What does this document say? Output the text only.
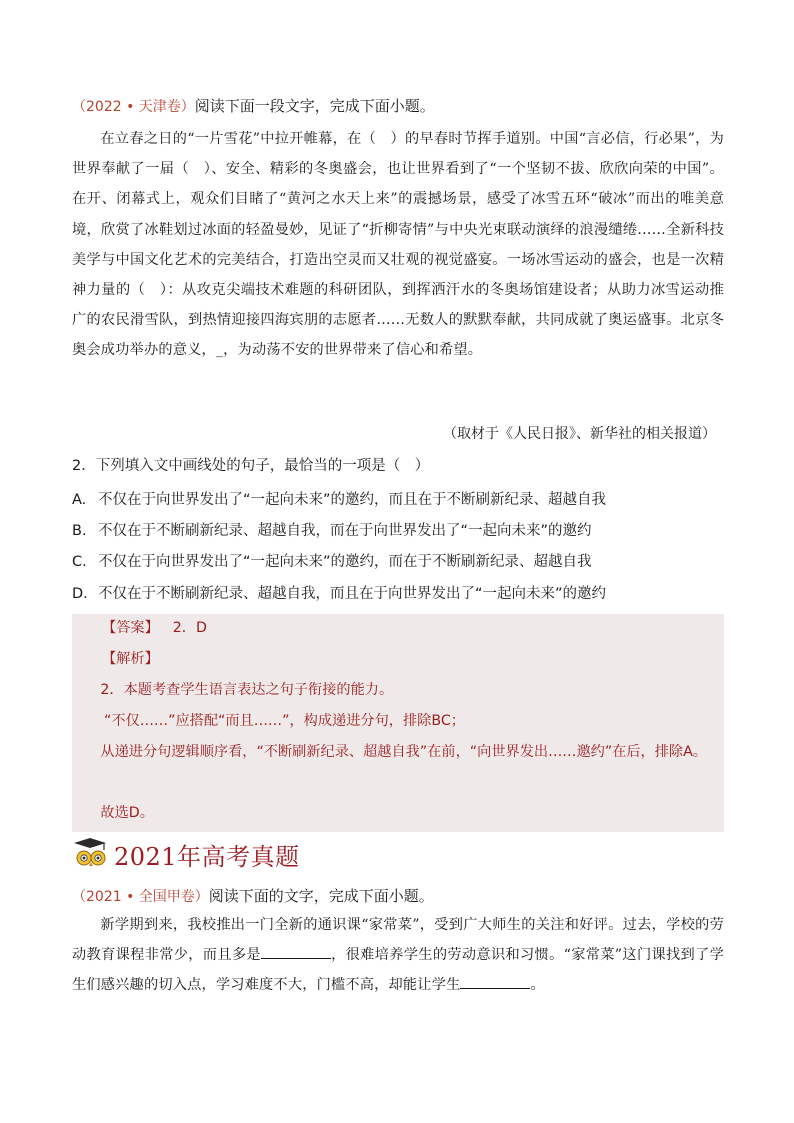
（2022 • 天津卷）阅读下面一段文字，完成下面小题。

在立春之日的“一片雪花”中拉开帷幕，在（　）的早春时节挥手道别。中国“言必信，行必果”，为世界奉献了一届（　）、安全、精彩的冬奥盛会，也让世界看到了“一个坚韧不拔、欣欣向荣的中国”。在开、闭幕式上，观众们目睹了“黄河之水天上来”的震撼场景，感受了冰雪五环“破冰”而出的唯美意境，欣赏了冰鞋划过冰面的轻盈曼妙，见证了“折柳寄情”与中央光束联动演绎的浪漫缱绻……全新科技美学与中国文化艺术的完美结合，打造出空灵而又壮观的视觉盛宴。一场冰雪运动的盛会，也是一次精神力量的（　）：从攻克尖端技术难题的科研团队，到挥洒汗水的冬奥场馆建设者；从助力冰雪运动推广的农民滑雪队，到热情迎接四海宾朋的志愿者……无数人的默默奉献，共同成就了奥运盛事。北京冬奥会成功举办的意义，_，为动荡不安的世界带来了信心和希望。

（取材于《人民日报》、新华社的相关报道）

2．下列填入文中画线处的句子，最恰当的一项是（　）

A. 不仅在于向世界发出了“一起向未来”的邀约，而且在于不断刷新纪录、超越自我

B. 不仅在于不断刷新纪录、超越自我，而在于向世界发出了“一起向未来”的邀约

C. 不仅在于向世界发出了“一起向未来”的邀约，而在于不断刷新纪录、超越自我

D. 不仅在于不断刷新纪录、超越自我，而且在于向世界发出了“一起向未来”的邀约

【答案】 2．D
【解析】
2．本题考查学生语言表达之句子衔接的能力。
“不仅……”应搭配“而且……”，构成递进分句，排除BC；
从递进分句逻辑顺序看，“不断刷新纪录、超越自我”在前，“向世界发出……邀约”在后，排除A。
故选D。
2021年高考真题

（2021 • 全国甲卷）阅读下面的文字，完成下面小题。

新学期到来，我校推出一门全新的通识课“家常菜”，受到广大师生的关注和好评。过去，学校的劳动教育课程非常少，而且多是	，很难培养学生的劳动意识和习惯。“家常菜”这门课找到了学生们感兴趣的切入点，学习难度不大，门槛不高，却能让学生	。
